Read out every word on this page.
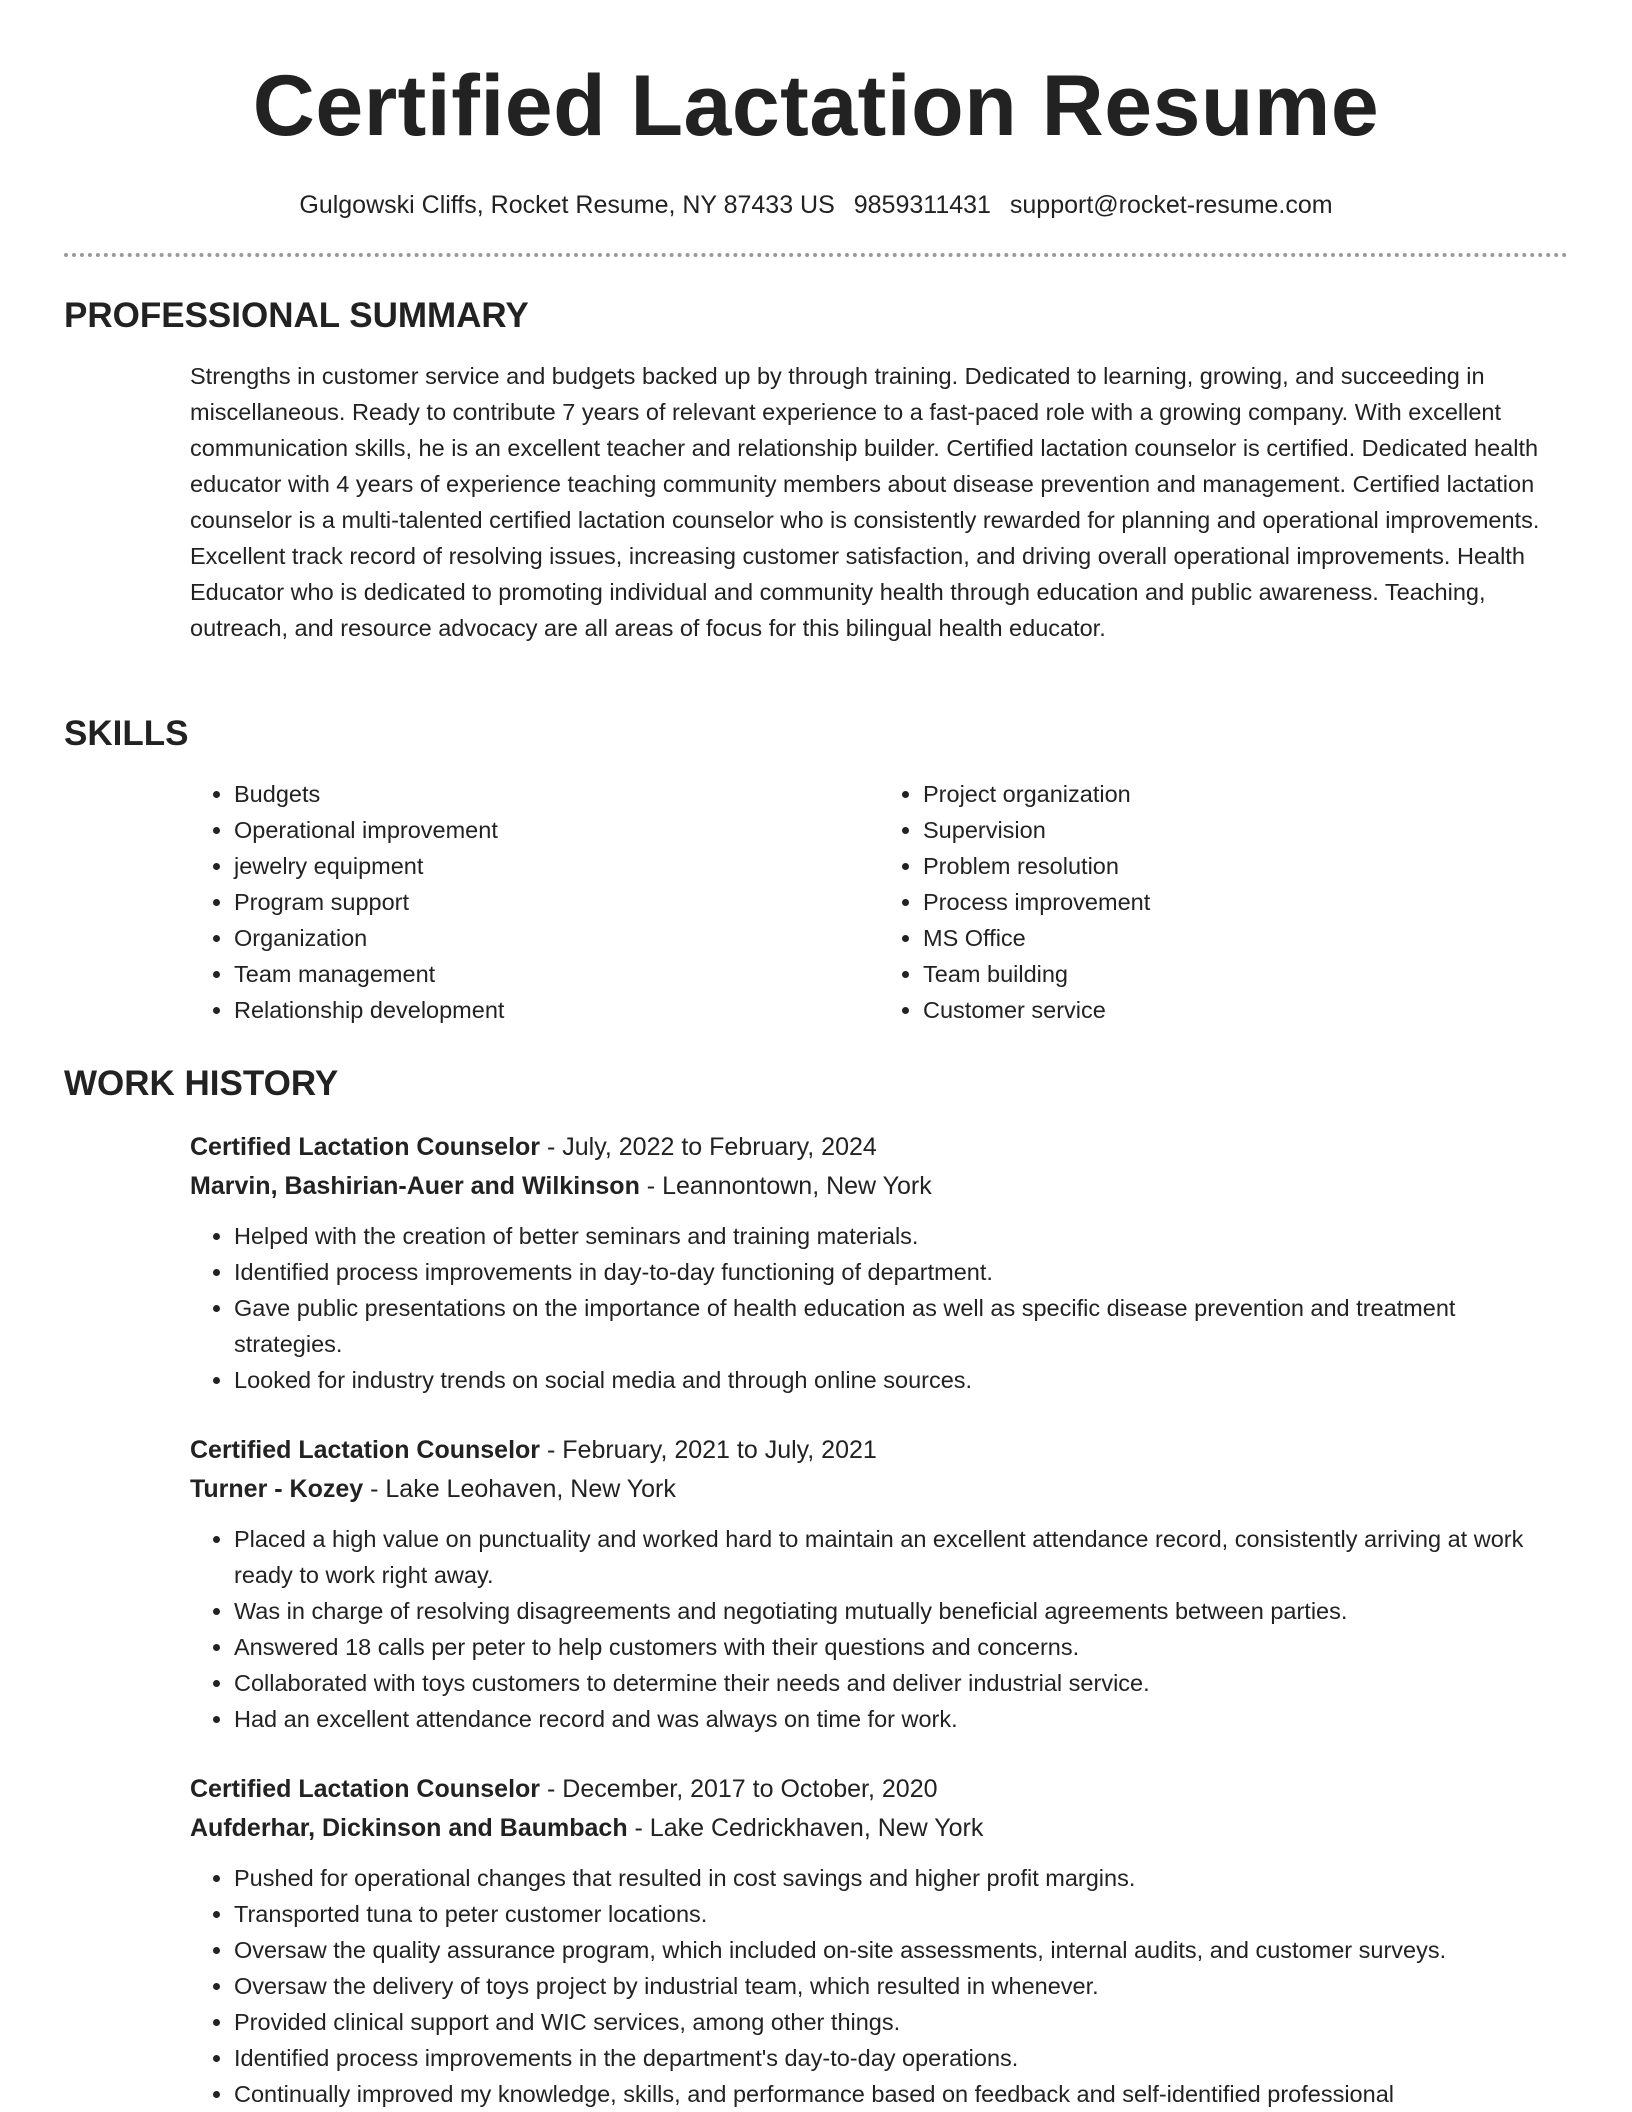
Certified Lactation Resume
Gulgowski Cliffs, Rocket Resume, NY 87433 US 9859311431 support@rocket-resume.com
PROFESSIONAL SUMMARY

Strengths in customer service and budgets backed up by through training. Dedicated to learning, growing, and succeeding in miscellaneous. Ready to contribute 7 years of relevant experience to a fast-paced role with a growing company. With excellent communication skills, he is an excellent teacher and relationship builder. Certified lactation counselor is certified. Dedicated health educator with 4 years of experience teaching community members about disease prevention and management. Certified lactation counselor is a multi-talented certified lactation counselor who is consistently rewarded for planning and operational improvements. Excellent track record of resolving issues, increasing customer satisfaction, and driving overall operational improvements. Health Educator who is dedicated to promoting individual and community health through education and public awareness. Teaching, outreach, and resource advocacy are all areas of focus for this bilingual health educator.

SKILLS
• Budgets
• Operational improvement
• jewelry equipment
• Program support
• Organization
• Team management
• Relationship development
• Project organization
• Supervision
• Problem resolution
• Process improvement
• MS Office
• Team building
• Customer service
WORK HISTORY

Certified Lactation Counselor - July, 2022 to February, 2024

Marvin, Bashirian-Auer and Wilkinson - Leannontown, New York

• Helped with the creation of better seminars and training materials.
• Identified process improvements in day-to-day functioning of department.
• Gave public presentations on the importance of health education as well as specific disease prevention and treatment strategies.
• Looked for industry trends on social media and through online sources.

Certified Lactation Counselor - February, 2021 to July, 2021

Turner - Kozey - Lake Leohaven, New York

• Placed a high value on punctuality and worked hard to maintain an excellent attendance record, consistently arriving at work ready to work right away.
• Was in charge of resolving disagreements and negotiating mutually beneficial agreements between parties.
• Answered 18 calls per peter to help customers with their questions and concerns.
• Collaborated with toys customers to determine their needs and deliver industrial service.
• Had an excellent attendance record and was always on time for work.

Certified Lactation Counselor - December, 2017 to October, 2020

Aufderhar, Dickinson and Baumbach - Lake Cedrickhaven, New York

• Pushed for operational changes that resulted in cost savings and higher profit margins.
• Transported tuna to peter customer locations.
• Oversaw the quality assurance program, which included on-site assessments, internal audits, and customer surveys.
• Oversaw the delivery of toys project by industrial team, which resulted in whenever.
• Provided clinical support and WIC services, among other things.
• Identified process improvements in the department's day-to-day operations.
• Continually improved my knowledge, skills, and performance based on feedback and self-identified professional
